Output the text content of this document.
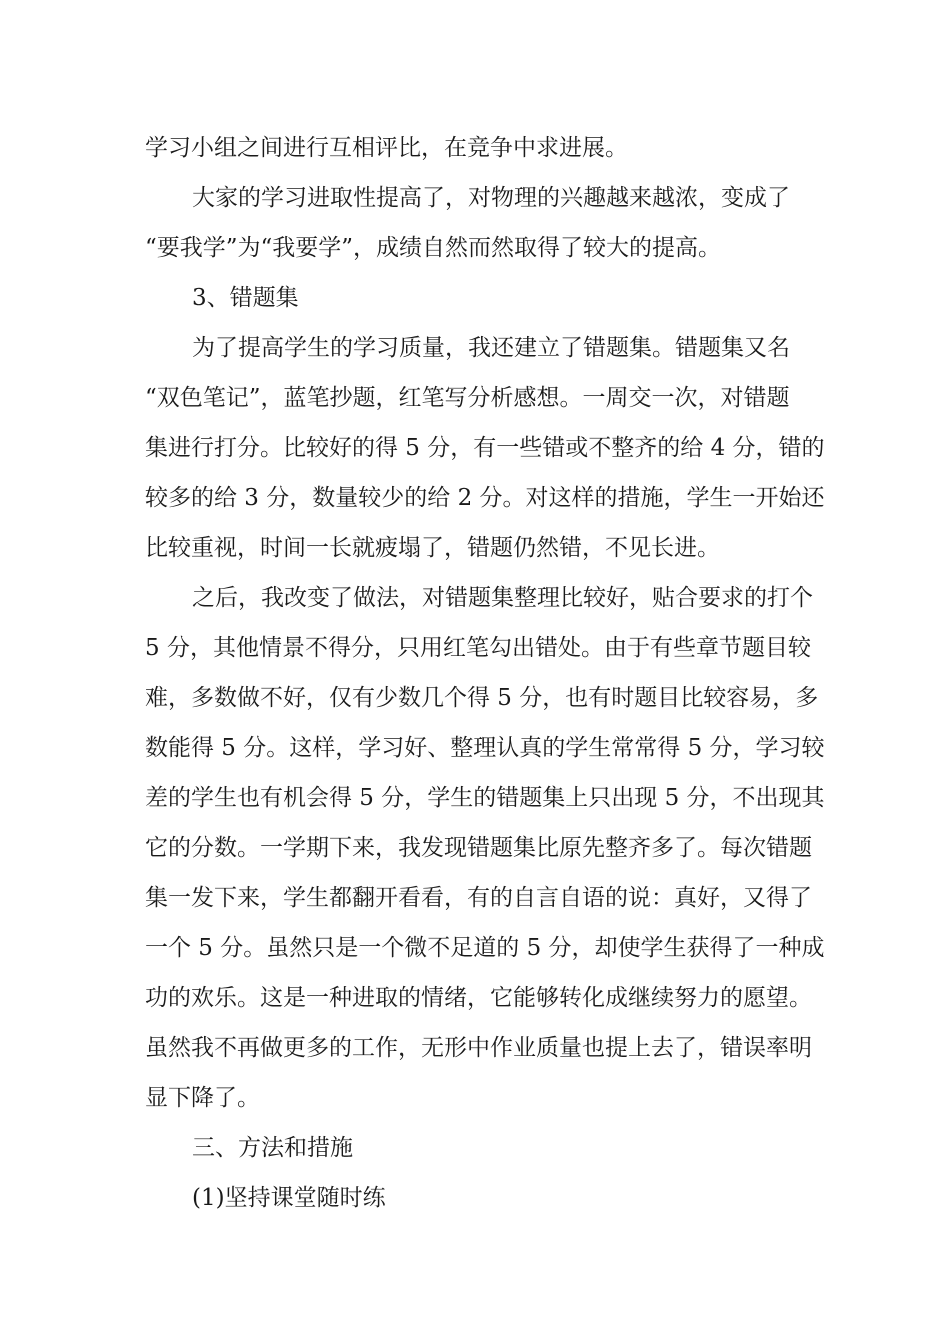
学习小组之间进行互相评比，在竞争中求进展。
大家的学习进取性提高了，对物理的兴趣越来越浓，变成了
“要我学”为“我要学”，成绩自然而然取得了较大的提高。
3、错题集
为了提高学生的学习质量，我还建立了错题集。错题集又名
“双色笔记”，蓝笔抄题，红笔写分析感想。一周交一次，对错题
集进行打分。比较好的得 5 分，有一些错或不整齐的给 4 分，错的
较多的给 3 分，数量较少的给 2 分。对这样的措施，学生一开始还
比较重视，时间一长就疲塌了，错题仍然错，不见长进。
之后，我改变了做法，对错题集整理比较好，贴合要求的打个
5 分，其他情景不得分，只用红笔勾出错处。由于有些章节题目较
难，多数做不好，仅有少数几个得 5 分，也有时题目比较容易，多
数能得 5 分。这样，学习好、整理认真的学生常常得 5 分，学习较
差的学生也有机会得 5 分，学生的错题集上只出现 5 分，不出现其
它的分数。一学期下来，我发现错题集比原先整齐多了。每次错题
集一发下来，学生都翻开看看，有的自言自语的说：真好，又得了
一个 5 分。虽然只是一个微不足道的 5 分，却使学生获得了一种成
功的欢乐。这是一种进取的情绪，它能够转化成继续努力的愿望。
虽然我不再做更多的工作，无形中作业质量也提上去了，错误率明
显下降了。
三、方法和措施
(1)坚持课堂随时练
